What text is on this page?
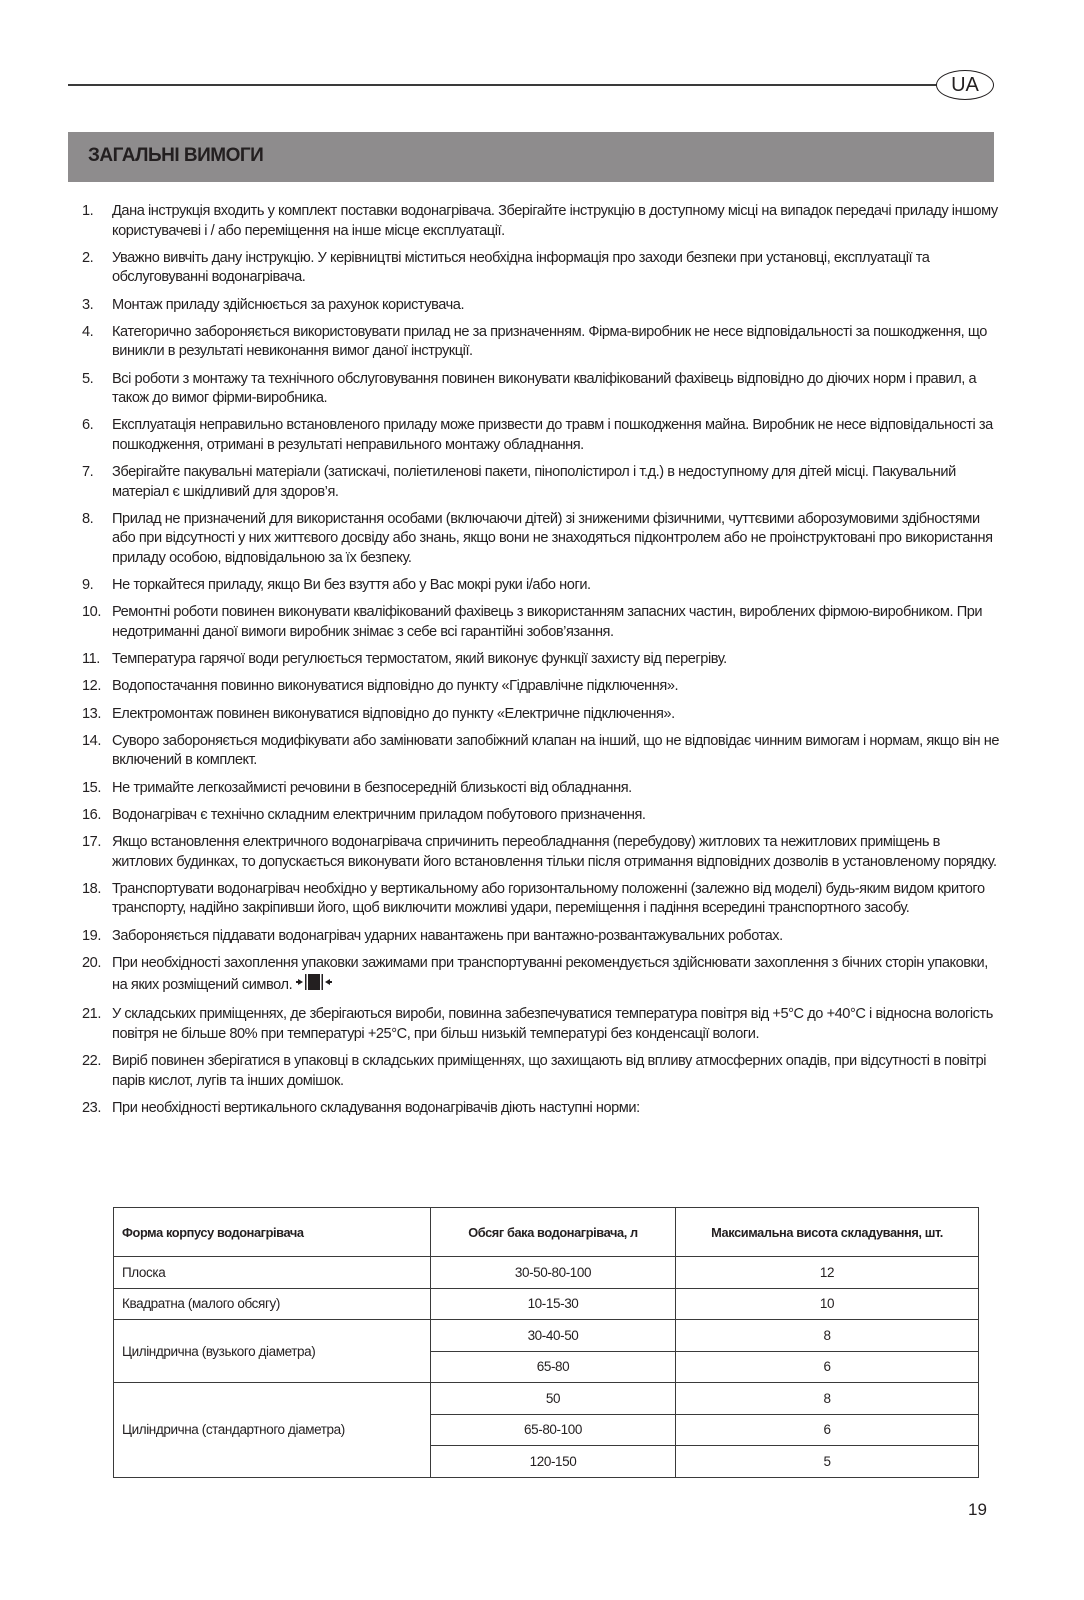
UA
ЗАГАЛЬНІ ВИМОГИ
1. Дана інструкція входить у комплект поставки водонагрівача. Зберігайте інструкцію в доступному місці на випадок передачі приладу іншому користувачеві і / або переміщення на інше місце експлуатації.
2. Уважно вивчіть дану інструкцію. У керівництві міститься необхідна інформація про заходи безпеки при установці, експлуатації та обслуговуванні водонагрівача.
3. Монтаж приладу здійснюється за рахунок користувача.
4. Категорично забороняється використовувати прилад не за призначенням. Фірма-виробник не несе відповідальності за пошкодження, що виникли в результаті невиконання вимог даної інструкції.
5. Всі роботи з монтажу та технічного обслуговування повинен виконувати кваліфікований фахівець відповідно до діючих норм і правил, а також до вимог фірми-виробника.
6. Експлуатація неправильно встановленого приладу може призвести до травм і пошкодження майна. Виробник не несе відповідальності за пошкодження, отримані в результаті неправильного монтажу обладнання.
7. Зберігайте пакувальні матеріали (затискачі, поліетиленові пакети, пінополістирол і т.д.) в недоступному для дітей місці. Пакувальний матеріал є шкідливий для здоров’я.
8. Прилад не призначений для використання особами (включаючи дітей) зі зниженими фізичними, чуттєвими аборозумовими здібностями або при відсутності у них життєвого досвіду або знань, якщо вони не знаходяться підконтролем або не проінструктовані про використання приладу особою, відповідальною за їх безпеку.
9. Не торкайтеся приладу, якщо Ви без взуття або у Вас мокрі руки і/або ноги.
10. Ремонтні роботи повинен виконувати кваліфікований фахівець з використанням запасних частин, вироблених фірмою-виробником. При недотриманні даної вимоги виробник знімає з себе всі гарантійні зобов’язання.
11. Температура гарячої води регулюється термостатом, який виконує функції захисту від перегріву.
12. Водопостачання повинно виконуватися відповідно до пункту «Гідравлічне підключення».
13. Електромонтаж повинен виконуватися відповідно до пункту «Електричне підключення».
14. Суворо забороняється модифікувати або замінювати запобіжний клапан на інший, що не відповідає чинним вимогам і нормам, якщо він не включений в комплект.
15. Не тримайте легкозаймисті речовини в безпосередній близькості від обладнання.
16. Водонагрівач є технічно складним електричним приладом побутового призначення.
17. Якщо встановлення електричного водонагрівача спричинить переобладнання (перебудову) житлових та нежитлових приміщень в житлових будинках, то допускається виконувати його встановлення тільки після отримання відповідних дозволів в установленому порядку.
18. Транспортувати водонагрівач необхідно у вертикальному або горизонтальному положенні (залежно від моделі) будь-яким видом критого транспорту, надійно закріпивши його, щоб виключити можливі удари, переміщення і падіння всередині транспортного засобу.
19. Забороняється піддавати водонагрівач ударних навантажень при вантажно-розвантажувальних роботах.
20. При необхідності захоплення упаковки зажимами при транспортуванні рекомендується здійснювати захоплення з бічних сторін упаковки, на яких розміщений символ.
21. У складських приміщеннях, де зберігаються вироби, повинна забезпечуватися температура повітря від +5°С до +40°С і відносна вологість повітря не більше 80% при температурі +25°С, при більш низькій температурі без конденсації вологи.
22. Виріб повинен зберігатися в упаковці в складських приміщеннях, що захищають від впливу атмосферних опадів, при відсутності в повітрі парів кислот, лугів та інших домішок.
23. При необхідності вертикального складування водонагрівачів діють наступні норми:
Форма корпусу водонагрівача	Обсяг бака водонагрівача, л	Максимальна висота складування, шт.
Плоска	30-50-80-100	12
Квадратна (малого обсягу)	10-15-30	10
Циліндрична (вузького діаметра)	30-40-50	8
	65-80	6
Циліндрична (стандартного діаметра)	50	8
	65-80-100	6
	120-150	5
19
